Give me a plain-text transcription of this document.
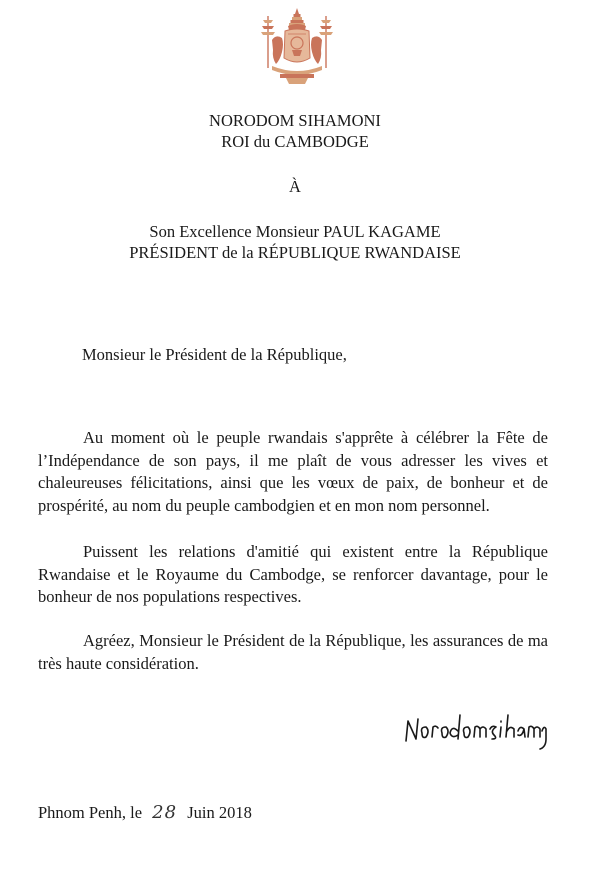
NORODOM SIHAMONI
ROI du CAMBODGE
À
Son Excellence Monsieur PAUL KAGAME
PRÉSIDENT de la RÉPUBLIQUE RWANDAISE
Monsieur le Président de la République,

Au moment où le peuple rwandais s'apprête à célébrer la Fête de l’Indépendance de son pays, il me plaît de vous adresser les vives et chaleureuses félicitations, ainsi que les vœux de paix, de bonheur et de prospérité, au nom du peuple cambodgien et en mon nom personnel.

Puissent les relations d'amitié qui existent entre la République Rwandaise et le Royaume du Cambodge, se renforcer davantage, pour le bonheur de nos populations respectives.

Agréez, Monsieur le Président de la République, les assurances de ma très haute considération.

Phnom Penh, le 28 Juin 2018
